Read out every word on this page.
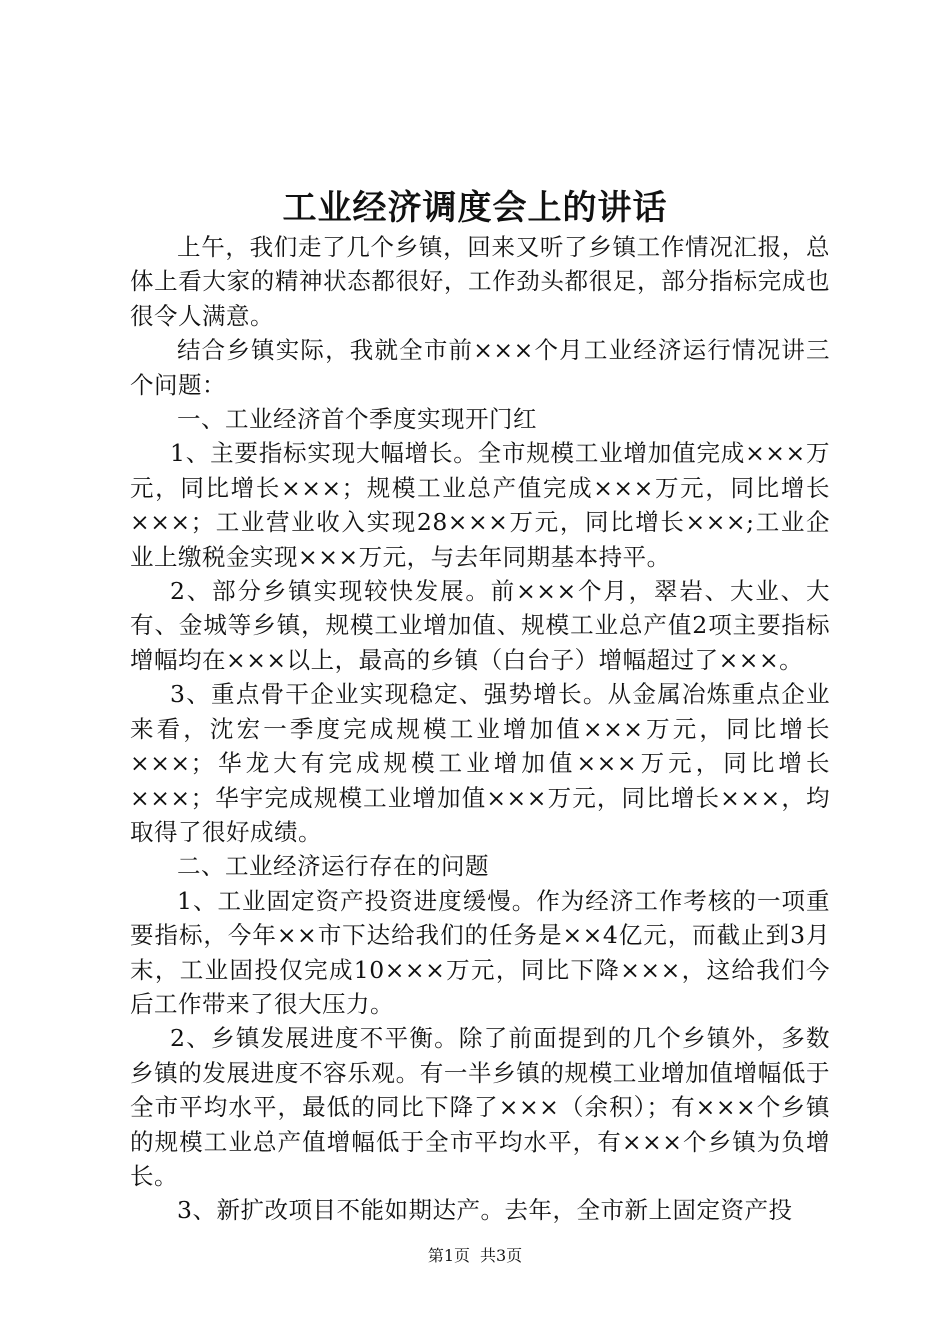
工业经济调度会上的讲话

上午，我们走了几个乡镇，回来又听了乡镇工作情况汇报，总体上看大家的精神状态都很好，工作劲头都很足，部分指标完成也很令人满意。

结合乡镇实际，我就全市前×××个月工业经济运行情况讲三个问题：

一、工业经济首个季度实现开门红

1、主要指标实现大幅增长。全市规模工业增加值完成×××万元，同比增长×××；规模工业总产值完成×××万元，同比增长×××；工业营业收入实现28×××万元，同比增长×××;工业企业上缴税金实现×××万元，与去年同期基本持平。

2、部分乡镇实现较快发展。前×××个月，翠岩、大业、大有、金城等乡镇，规模工业增加值、规模工业总产值2项主要指标增幅均在×××以上，最高的乡镇（白台子）增幅超过了×××。

3、重点骨干企业实现稳定、强势增长。从金属冶炼重点企业来看，沈宏一季度完成规模工业增加值×××万元，同比增长×××；华龙大有完成规模工业增加值×××万元，同比增长×××；华宇完成规模工业增加值×××万元，同比增长×××，均取得了很好成绩。

二、工业经济运行存在的问题

1、工业固定资产投资进度缓慢。作为经济工作考核的一项重要指标，今年××市下达给我们的任务是××4亿元，而截止到3月末，工业固投仅完成10×××万元，同比下降×××，这给我们今后工作带来了很大压力。

2、乡镇发展进度不平衡。除了前面提到的几个乡镇外，多数乡镇的发展进度不容乐观。有一半乡镇的规模工业增加值增幅低于全市平均水平，最低的同比下降了×××（余积）；有×××个乡镇的规模工业总产值增幅低于全市平均水平，有×××个乡镇为负增长。

3、新扩改项目不能如期达产。去年，全市新上固定资产投

第1页 共3页
